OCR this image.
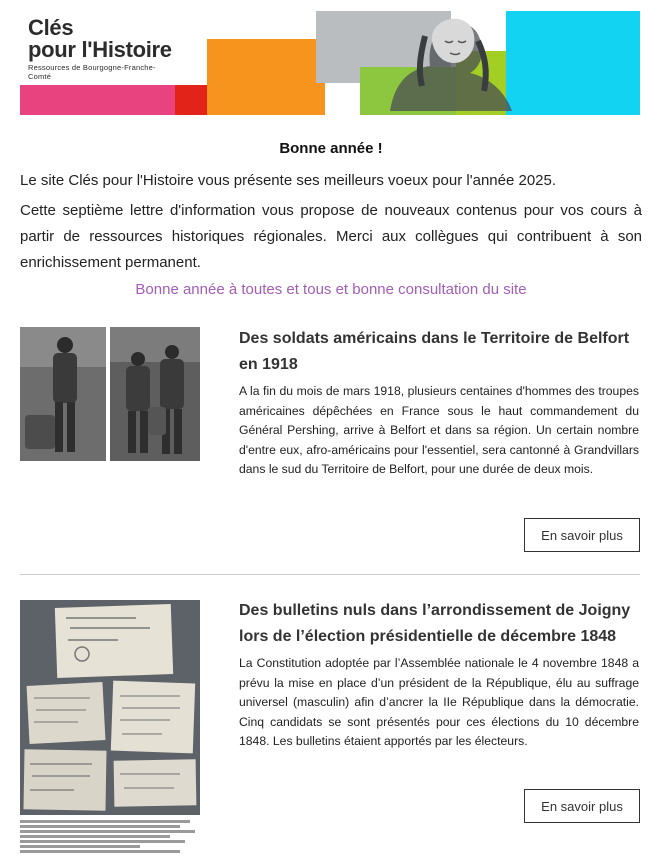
Clés
pour l'Histoire
Ressources de Bourgogne-Franche-Comté
Bonne année !
Le site Clés pour l'Histoire vous présente ses meilleurs voeux pour l'année 2025.
Cette septième lettre d'information vous propose de nouveaux contenus pour vos cours à partir de ressources historiques régionales. Merci aux collègues qui contribuent à son enrichissement permanent.
Bonne année à toutes et tous et bonne consultation du site
Des soldats américains dans le Territoire de Belfort en 1918
A la fin du mois de mars 1918, plusieurs centaines d'hommes des troupes américaines dépêchées en France sous le haut commandement du Général Pershing, arrive à Belfort et dans sa région. Un certain nombre d'entre eux, afro-américains pour l'essentiel, sera cantonné à Grandvillars dans le sud du Territoire de Belfort, pour une durée de deux mois.
En savoir plus
Des bulletins nuls dans l’arrondissement de Joigny lors de l’élection présidentielle de décembre 1848
La Constitution adoptée par l’Assemblée nationale le 4 novembre 1848 a prévu la mise en place d’un président de la République, élu au suffrage universel (masculin) afin d’ancrer la IIe République dans la démocratie. Cinq candidats se sont présentés pour ces élections du 10 décembre 1848. Les bulletins étaient apportés par les électeurs.
En savoir plus
